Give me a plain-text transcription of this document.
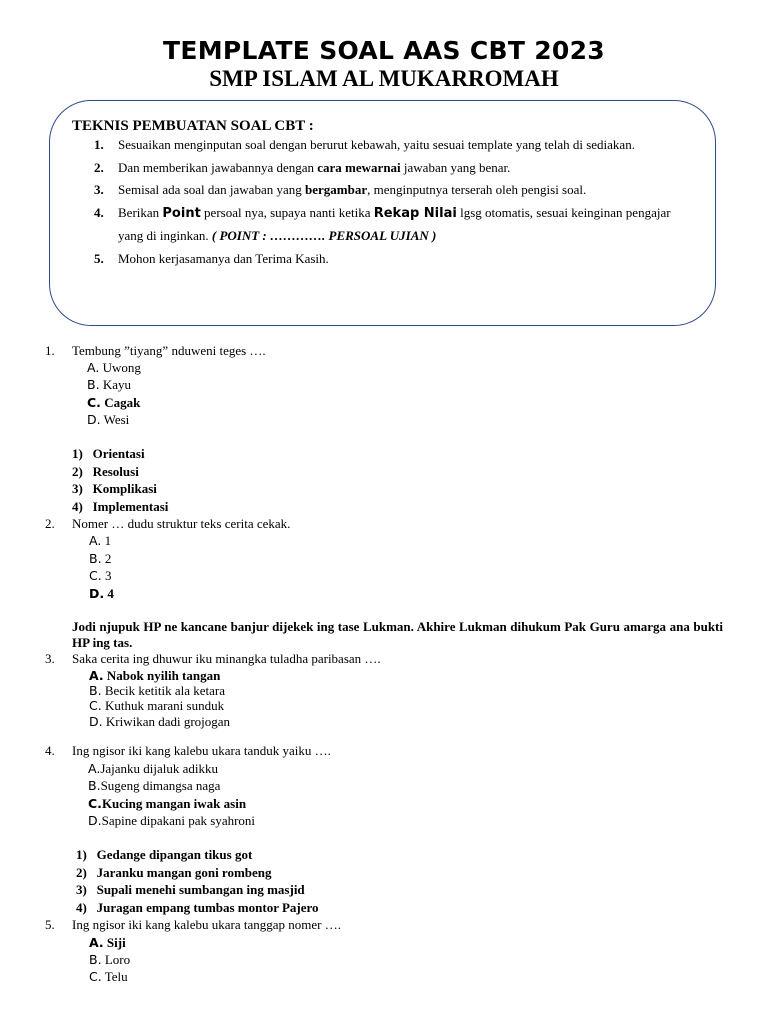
TEMPLATE SOAL AAS CBT 2023
SMP ISLAM AL MUKARROMAH
TEKNIS PEMBUATAN SOAL CBT :
1. Sesuaikan menginputan soal dengan berurut kebawah, yaitu sesuai template yang telah di sediakan.
2. Dan memberikan jawabannya dengan cara mewarnai jawaban yang benar.
3. Semisal ada soal dan jawaban yang bergambar, menginputnya terserah oleh pengisi soal.
4. Berikan Point persoal nya, supaya nanti ketika Rekap Nilai lgsg otomatis, sesuai keinginan pengajar yang di inginkan. ( POINT : …………. PERSOAL UJIAN )
5. Mohon kerjasamanya dan Terima Kasih.
1. Tembung ”tiyang” nduweni teges ….
A. Uwong
B. Kayu
C. Cagak
D. Wesi
1) Orientasi
2) Resolusi
3) Komplikasi
4) Implementasi
2. Nomer … dudu struktur teks cerita cekak.
A. 1
B. 2
C. 3
D. 4
Jodi njupuk HP ne kancane banjur dijekek ing tase Lukman. Akhire Lukman dihukum Pak Guru amarga ana bukti HP ing tas.
3. Saka cerita ing dhuwur iku minangka tuladha paribasan ….
A. Nabok nyilih tangan
B. Becik ketitik ala ketara
C. Kuthuk marani sunduk
D. Kriwikan dadi grojogan
4. Ing ngisor iki kang kalebu ukara tanduk yaiku ….
A.Jajanku dijaluk adikku
B.Sugeng dimangsa naga
C.Kucing mangan iwak asin
D.Sapine dipakani pak syahroni
1) Gedange dipangan tikus got
2) Jaranku mangan goni rombeng
3) Supali menehi sumbangan ing masjid
4) Juragan empang tumbas montor Pajero
5. Ing ngisor iki kang kalebu ukara tanggap nomer ….
A. Siji
B. Loro
C. Telu
